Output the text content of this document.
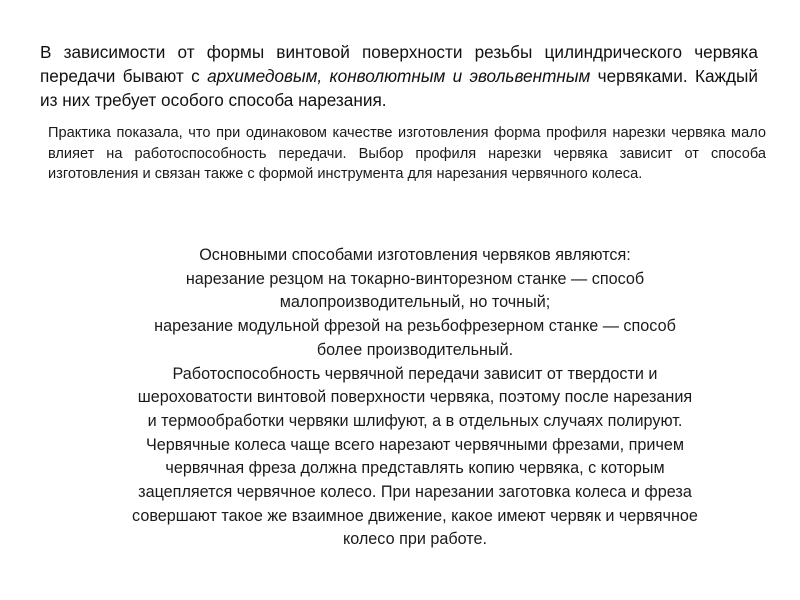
В зависимости от формы винтовой поверхности резьбы цилиндрического червяка передачи бывают с архимедовым, конволютным и эвольвентным червяками. Каждый из них требует особого способа нарезания.
Практика показала, что при одинаковом качестве изготовления форма профиля нарезки червяка мало влияет на работоспособность передачи. Выбор профиля нарезки червяка зависит от способа изготовления и связан также с формой инструмента для нарезания червячного колеса.
Основными способами изготовления червяков являются:
нарезание резцом на токарно-винторезном станке — способ
малопроизводительный, но точный;
нарезание модульной фрезой на резьбофрезерном станке — способ
более производительный.
Работоспособность червячной передачи зависит от твердости и
шероховатости винтовой поверхности червяка, поэтому после нарезания
и термообработки червяки шлифуют, а в отдельных случаях полируют.
Червячные колеса чаще всего нарезают червячными фрезами, причем
червячная фреза должна представлять копию червяка, с которым
зацепляется червячное колесо. При нарезании заготовка колеса и фреза
совершают такое же взаимное движение, какое имеют червяк и червячное
колесо при работе.
